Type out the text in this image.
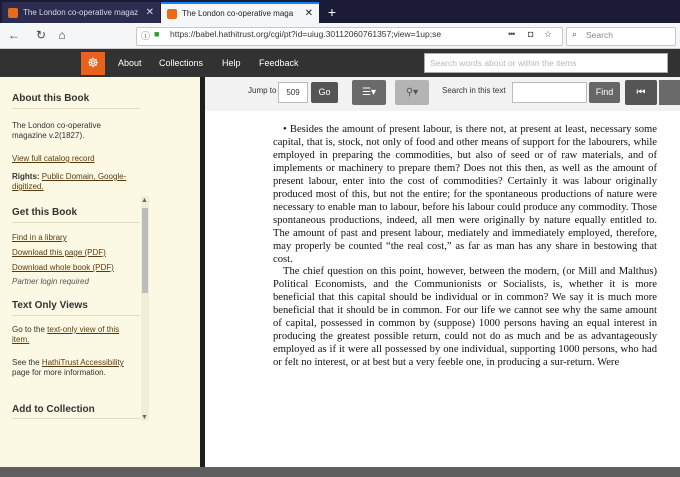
The London co-operative magaz ✕	The London co-operative maga	✕	+
← ↻	⌂	ⓘ ■ https://babel.hathitrust.org/cgi/pt?id=uiug.30112060761357;view=1up;se	••• ◘ ☆ ⌕ Search
☸	About Collections Help Feedback	Search words about or within the items
About this Book
The London co-operative magazine v.2(1827).
View full catalog record
Rights: Public Domain, Google-digitized.
Get this Book
Find in a library
Download this page (PDF)
Download whole book (PDF)
Partner login required
Text Only Views
Go to the text-only view of this item.
See the HathiTrust Accessibility page for more information.
Add to Collection
▲
▼
Jump to	509	Go	☰▾	⚲▾	Search in this text	Find	⏮

• Besides the amount of present labour, is there not, at present at least, necessary some capital, that is, stock, not only of food and other means of support for the labourers, while employed in preparing the commodities, but also of seed or of raw materials, and of implements or machinery to prepare them? Does not this then, as well as the amount of present labour, enter into the cost of commodities? Certainly it was labour originally produced most of this, but not the entire; for the spontaneous productions of nature were necessary to enable man to labour, before his labour could produce any commodity. Those spontaneous productions, indeed, all men were originally by nature equally entitled to. The amount of past and present labour, mediately and immediately employed, therefore, may properly be counted “the real cost,” as far as man has any share in bestowing that cost.

The chief question on this point, however, between the modern, (or Mill and Malthus) Political Economists, and the Communionists or Socialists, is, whether it is more beneficial that this capital should be individual or in common? We say it is much more beneficial that it should be in common. For our life we cannot see why the same amount of capital, possessed in common by (suppose) 1000 persons having an equal interest in producing the greatest possible return, could not do as much and be as advantageously employed as if it were all possessed by one individual, supporting 1000 persons, who had or felt no interest, or at best but a very feeble one, in producing a sur-return. Were
